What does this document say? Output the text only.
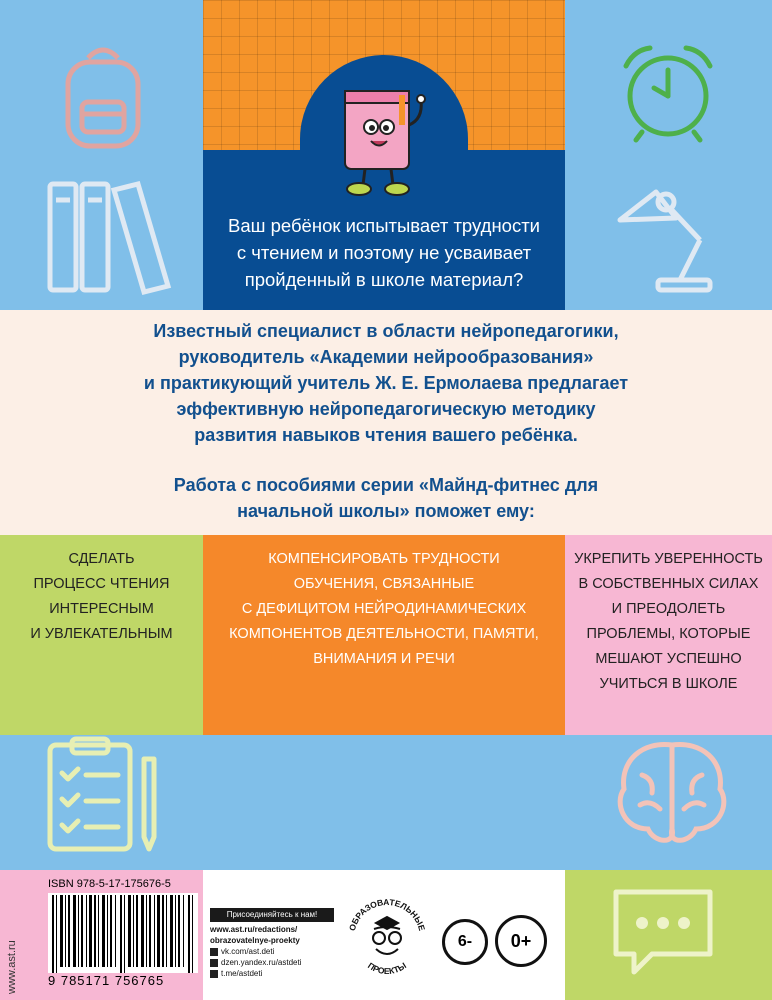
Ваш ребёнок испытывает трудности
с чтением и поэтому не усваивает
пройденный в школе материал?
Известный специалист в области нейропедагогики,
руководитель «Академии нейрообразования»
и практикующий учитель Ж. Е. Ермолаева предлагает
эффективную нейропедагогическую методику
развития навыков чтения вашего ребёнка.
Работа с пособиями серии «Майнд-фитнес для
начальной школы» поможет ему:
СДЕЛАТЬ
ПРОЦЕСС ЧТЕНИЯ
ИНТЕРЕСНЫМ
И УВЛЕКАТЕЛЬНЫМ
КОМПЕНСИРОВАТЬ ТРУДНОСТИ
ОБУЧЕНИЯ, СВЯЗАННЫЕ
С ДЕФИЦИТОМ НЕЙРОДИНАМИЧЕСКИХ
КОМПОНЕНТОВ ДЕЯТЕЛЬНОСТИ, ПАМЯТИ,
ВНИМАНИЯ И РЕЧИ
УКРЕПИТЬ УВЕРЕННОСТЬ
В СОБСТВЕННЫХ СИЛАХ
И ПРЕОДОЛЕТЬ
ПРОБЛЕМЫ, КОТОРЫЕ
МЕШАЮТ УСПЕШНО
УЧИТЬСЯ В ШКОЛЕ
www.ast.ru
ISBN 978-5-17-175676-5
9 785171 756765
Присоединяйтесь к нам!
www.ast.ru/redactions/
obrazovatelnye-proekty
vk.com/ast.deti
dzen.yandex.ru/astdeti
t.me/astdeti
ОБРАЗОВАТЕЛЬНЫЕ
ПРОЕКТЫ
6-	0+
